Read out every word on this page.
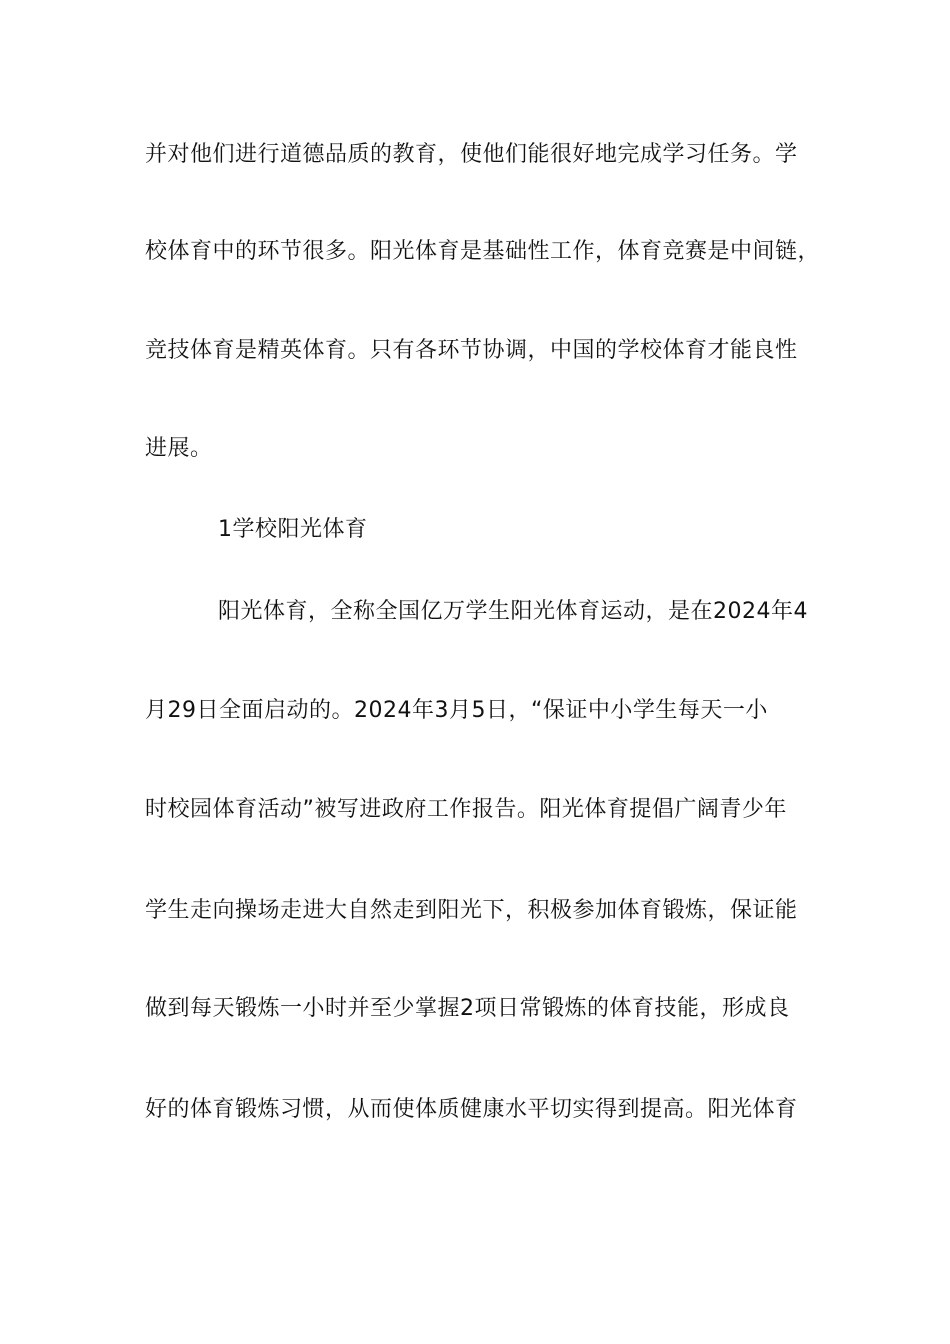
并对他们进行道德品质的教育，使他们能很好地完成学习任务。学
校体育中的环节很多。阳光体育是基础性工作，体育竞赛是中间链，
竞技体育是精英体育。只有各环节协调，中国的学校体育才能良性
进展。
1学校阳光体育
阳光体育，全称全国亿万学生阳光体育运动，是在2024年4
月29日全面启动的。2024年3月5日，“保证中小学生每天一小
时校园体育活动”被写进政府工作报告。阳光体育提倡广阔青少年
学生走向操场走进大自然走到阳光下，积极参加体育锻炼，保证能
做到每天锻炼一小时并至少掌握2项日常锻炼的体育技能，形成良
好的体育锻炼习惯，从而使体质健康水平切实得到提高。阳光体育
